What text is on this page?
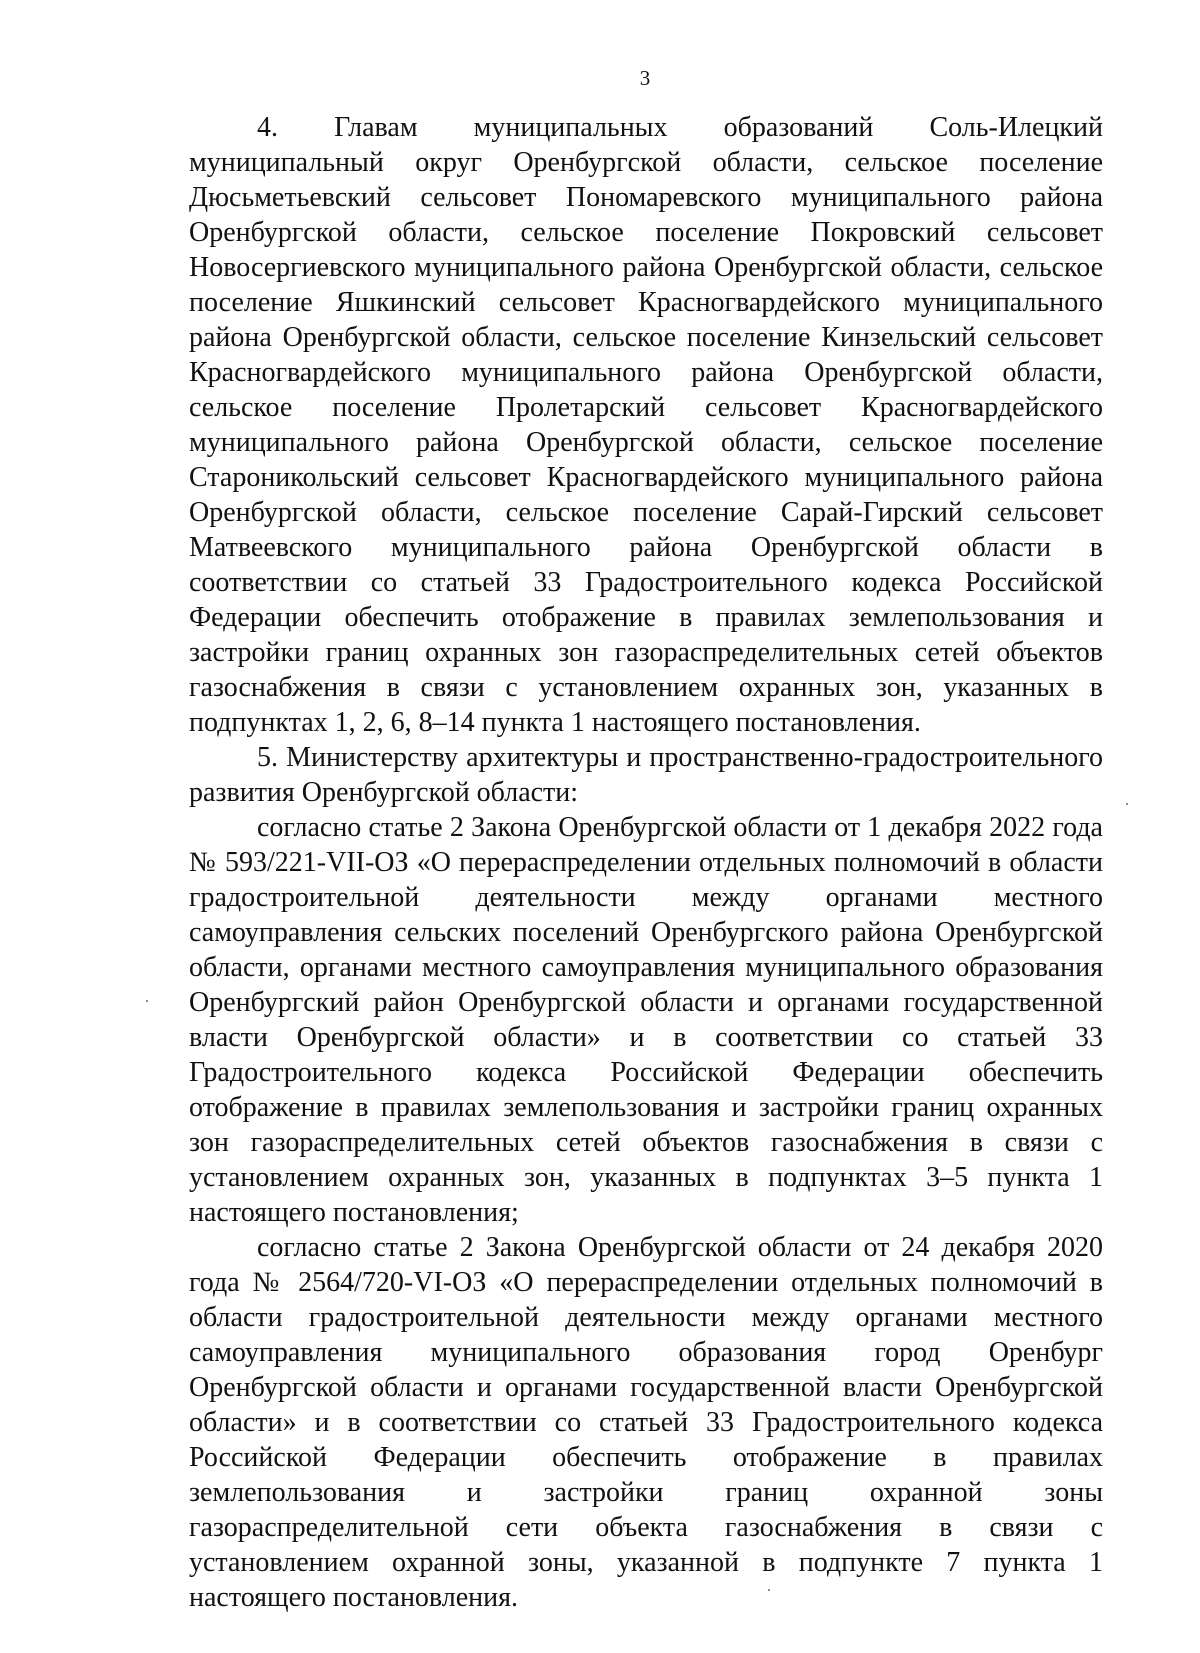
3

4. Главам муниципальных образований Соль-Илецкий муниципальный округ Оренбургской области, сельское поселение Дюсьметьевский сельсовет Пономаревского муниципального района Оренбургской области, сельское поселение Покровский сельсовет Новосергиевского муниципального района Оренбургской области, сельское поселение Яшкинский сельсовет Красногвардейского муниципального района Оренбургской области, сельское поселение Кинзельский сельсовет Красногвардейского муниципального района Оренбургской области, сельское поселение Пролетарский сельсовет Красногвардейского муниципального района Оренбургской области, сельское поселение Староникольский сельсовет Красногвардейского муниципального района Оренбургской области, сельское поселение Сарай-Гирский сельсовет Матвеевского муниципального района Оренбургской области в соответствии со статьей 33 Градостроительного кодекса Российской Федерации обеспечить отображение в правилах землепользования и застройки границ охранных зон газораспределительных сетей объектов газоснабжения в связи с установлением охранных зон, указанных в подпунктах 1, 2, 6, 8–14 пункта 1 настоящего постановления.

5. Министерству архитектуры и пространственно-градостроительного развития Оренбургской области:

согласно статье 2 Закона Оренбургской области от 1 декабря 2022 года № 593/221-VII-ОЗ «О перераспределении отдельных полномочий в области градостроительной деятельности между органами местного самоуправления сельских поселений Оренбургского района Оренбургской области, органами местного самоуправления муниципального образования Оренбургский район Оренбургской области и органами государственной власти Оренбургской области» и в соответствии со статьей 33 Градостроительного кодекса Российской Федерации обеспечить отображение в правилах землепользования и застройки границ охранных зон газораспределительных сетей объектов газоснабжения в связи с установлением охранных зон, указанных в подпунктах 3–5 пункта 1 настоящего постановления;

согласно статье 2 Закона Оренбургской области от 24 декабря 2020 года № 2564/720-VI-ОЗ «О перераспределении отдельных полномочий в области градостроительной деятельности между органами местного самоуправления муниципального образования город Оренбург Оренбургской области и органами государственной власти Оренбургской области» и в соответствии со статьей 33 Градостроительного кодекса Российской Федерации обеспечить отображение в правилах землепользования и застройки границ охранной зоны газораспределительной сети объекта газоснабжения в связи с установлением охранной зоны, указанной в подпункте 7 пункта 1 настоящего постановления.
